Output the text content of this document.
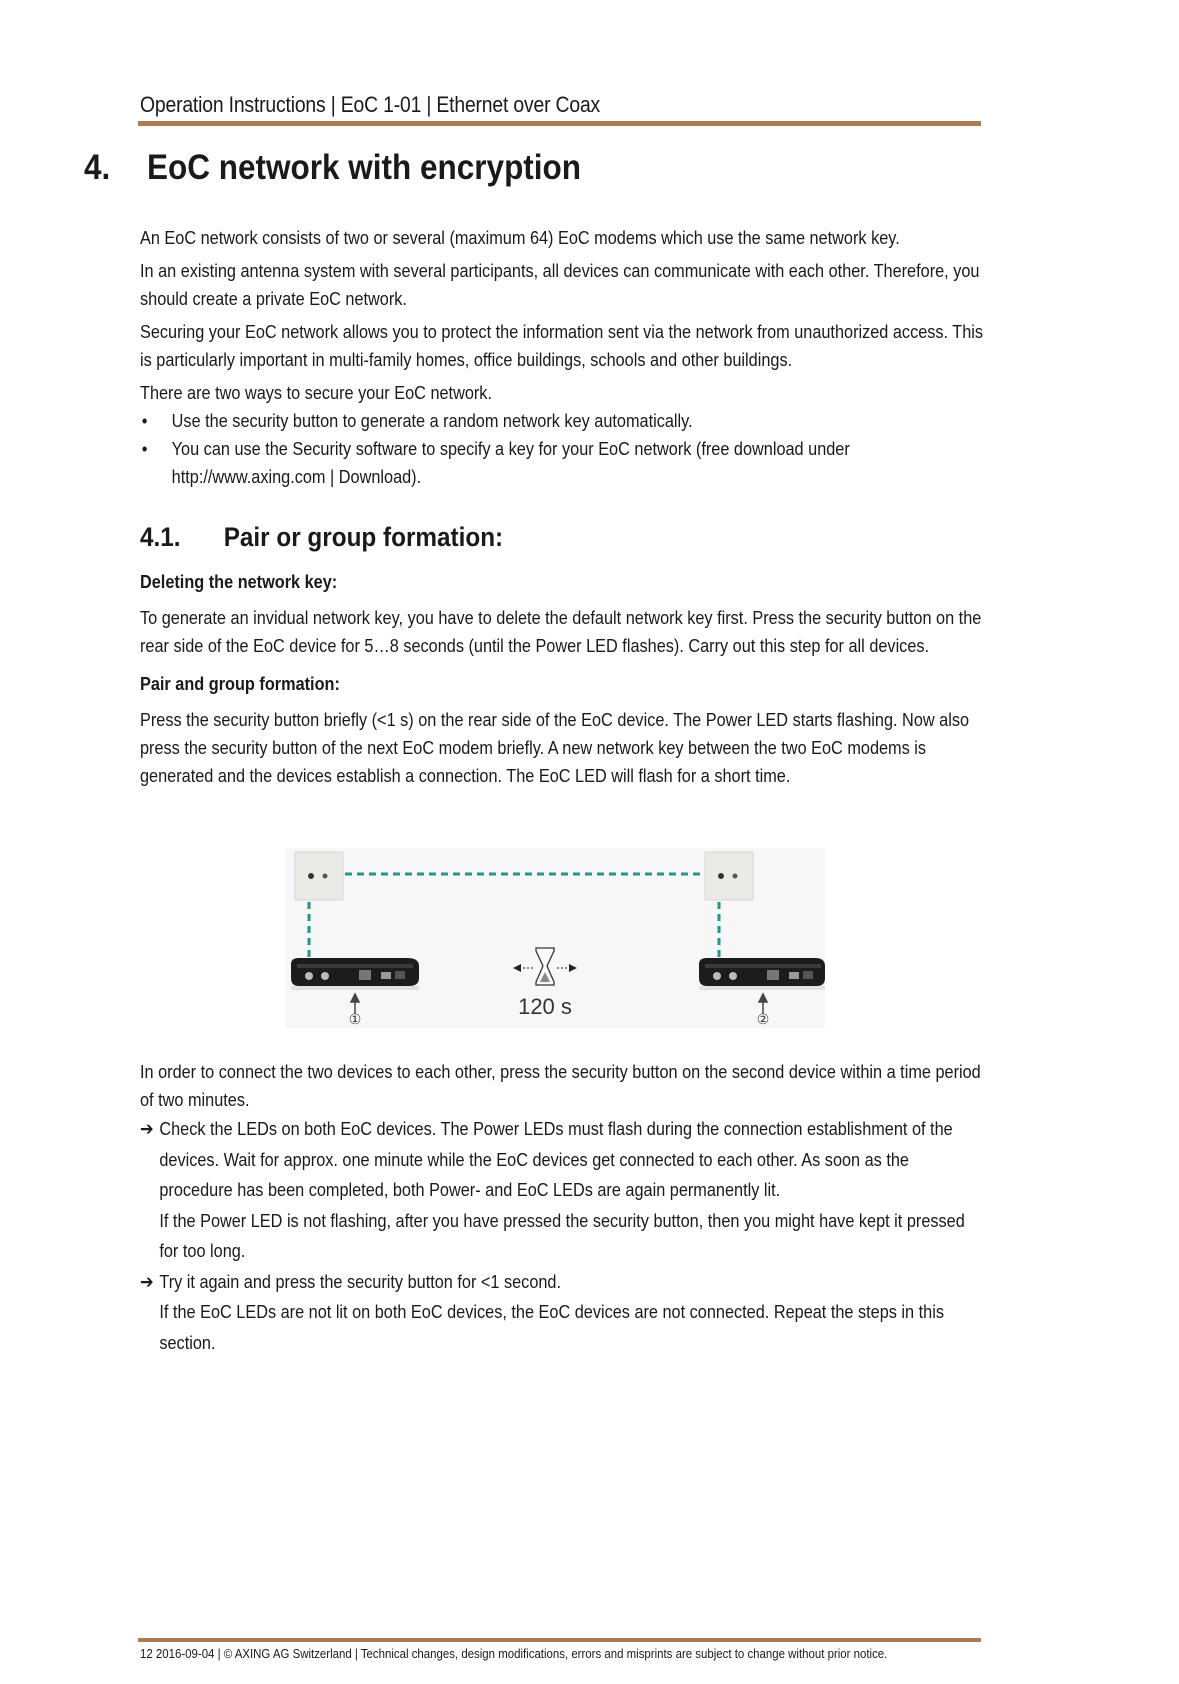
Operation Instructions | EoC 1-01 | Ethernet over Coax
4. EoC network with encryption

An EoC network consists of two or several (maximum 64) EoC modems which use the same network key.

In an existing antenna system with several participants, all devices can communicate with each other. Therefore, you should create a private EoC network.

Securing your EoC network allows you to protect the information sent via the network from unauthorized access. This is particularly important in multi-family homes, office buildings, schools and other buildings.

There are two ways to secure your EoC network.

• Use the security button to generate a random network key automatically.
• You can use the Security software to specify a key for your EoC network (free download under http://www.axing.com | Download).
4.1. Pair or group formation:

Deleting the network key:

To generate an invidual network key, you have to delete the default network key first. Press the security button on the rear side of the EoC device for 5…8 seconds (until the Power LED flashes). Carry out this step for all devices.

Pair and group formation:

Press the security button briefly (<1 s) on the rear side of the EoC device. The Power LED starts flashing. Now also press the security button of the next EoC modem briefly. A new network key between the two EoC modems is generated and the devices establish a connection. The EoC LED will flash for a short time.

①	②
120 s

In order to connect the two devices to each other, press the security button on the second device within a time period of two minutes.

➔ Check the LEDs on both EoC devices. The Power LEDs must flash during the connection establishment of the devices. Wait for approx. one minute while the EoC devices get connected to each other. As soon as the procedure has been completed, both Power- and EoC LEDs are again permanently lit.
If the Power LED is not flashing, after you have pressed the security button, then you might have kept it pressed for too long.
➔ Try it again and press the security button for <1 second.
If the EoC LEDs are not lit on both EoC devices, the EoC devices are not connected. Repeat the steps in this section.
12 2016-09-04 | © AXING AG Switzerland | Technical changes, design modifications, errors and misprints are subject to change without prior notice.
